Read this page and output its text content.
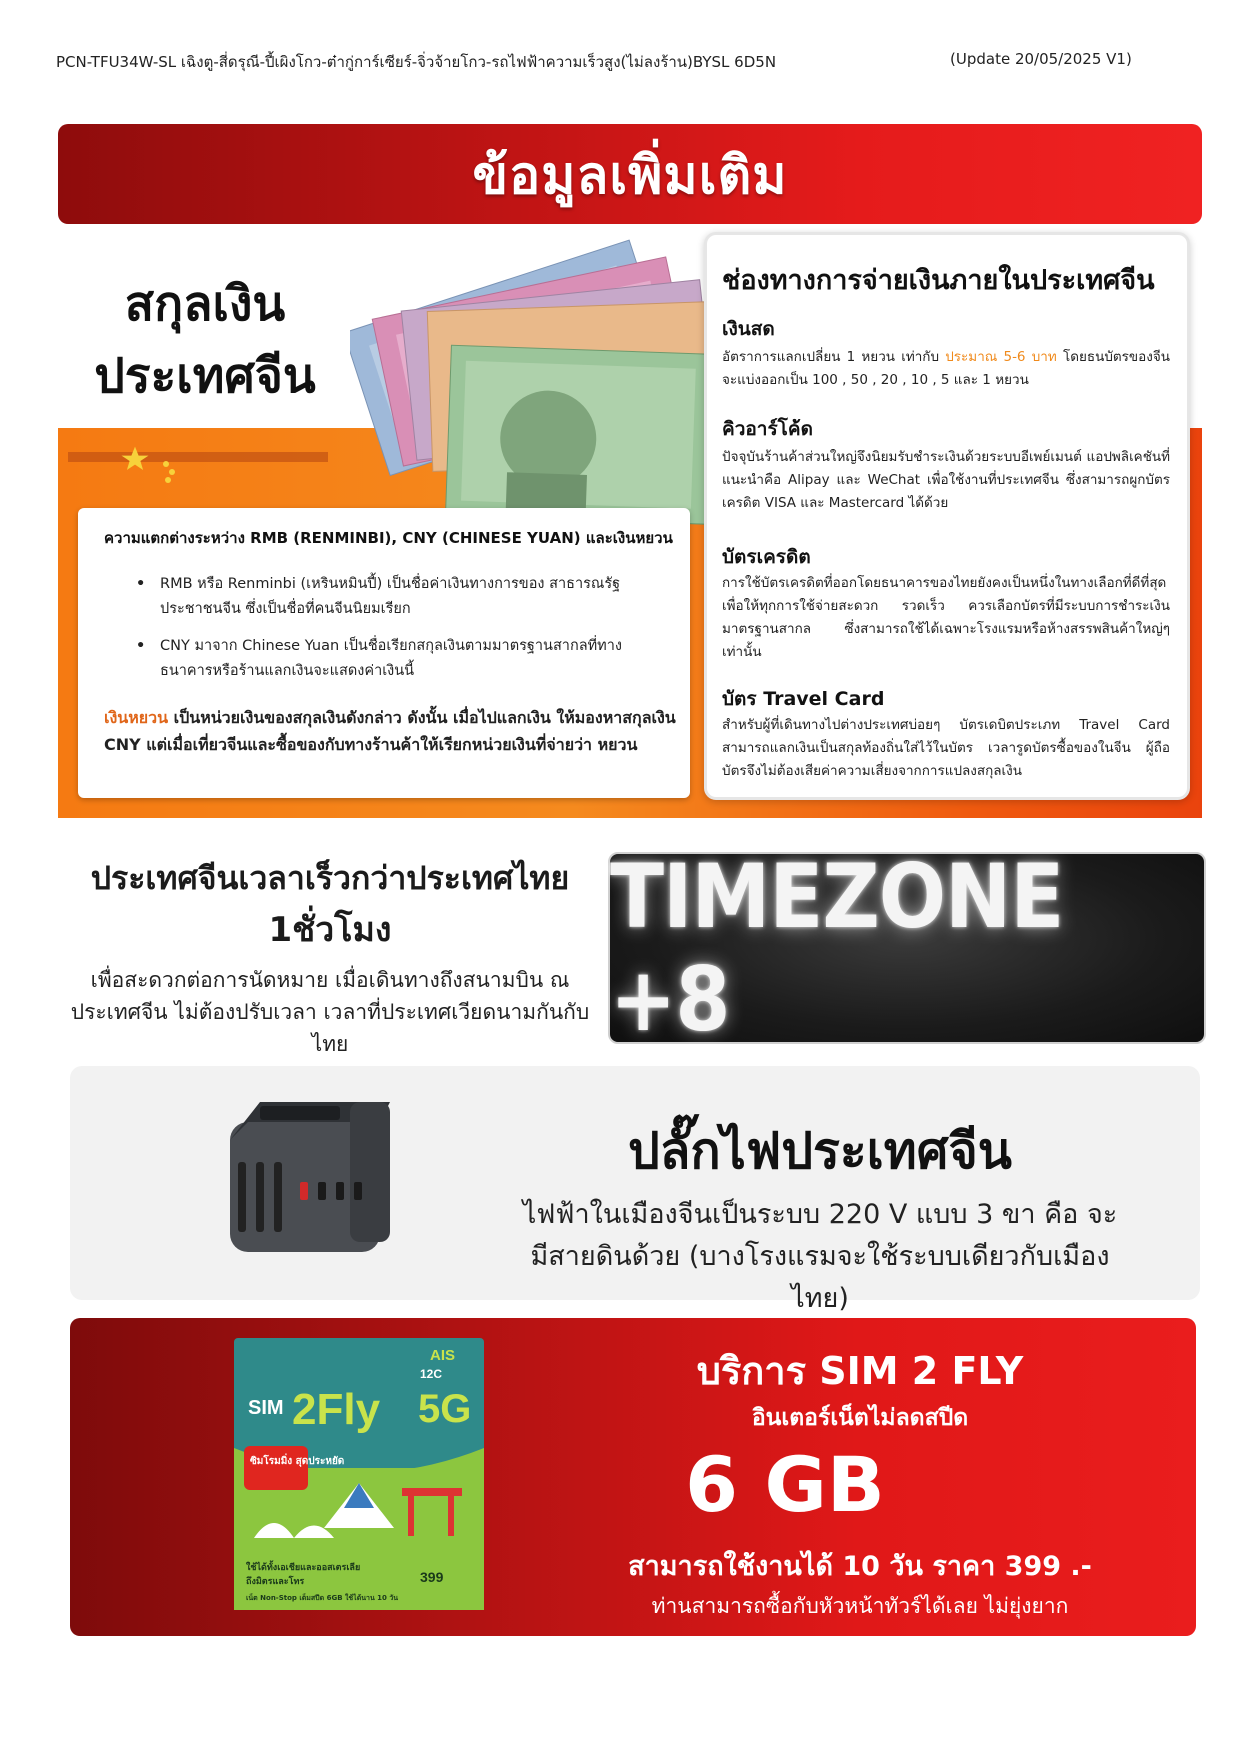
PCN-TFU34W-SL เฉิงตู-สี่ดรุณี-ปี้เผิงโกว-ต๋ากู่การ์เซียร์-จิ่วจ้ายโกว-รถไฟฟ้าความเร็วสูง(ไม่ลงร้าน)BYSL 6D5N	(Update 20/05/2025 V1)
ข้อมูลเพิ่มเติม
สกุลเงิน
ประเทศจีน
ความแตกต่างระหว่าง RMB (RENMINBI), CNY (CHINESE YUAN) และเงินหยวน
• RMB หรือ Renminbi (เหรินหมินปี้) เป็นชื่อค่าเงินทางการของ สาธารณรัฐประชาชนจีน ซึ่งเป็นชื่อที่คนจีนนิยมเรียก
• CNY มาจาก Chinese Yuan เป็นชื่อเรียกสกุลเงินตามมาตรฐานสากลที่ทางธนาคารหรือร้านแลกเงินจะแสดงค่าเงินนี้
เงินหยวน เป็นหน่วยเงินของสกุลเงินดังกล่าว ดังนั้น เมื่อไปแลกเงิน ให้มองหาสกุลเงิน CNY แต่เมื่อเที่ยวจีนและซื้อของกับทางร้านค้าให้เรียกหน่วยเงินที่จ่ายว่า หยวน
ช่องทางการจ่ายเงินภายในประเทศจีน
เงินสด
อัตราการแลกเปลี่ยน 1 หยวน เท่ากับ ประมาณ 5-6 บาท โดยธนบัตรของจีนจะแบ่งออกเป็น 100 , 50 , 20 , 10 , 5 และ 1 หยวน
คิวอาร์โค้ด
ปัจจุบันร้านค้าส่วนใหญ่จึงนิยมรับชำระเงินด้วยระบบอีเพย์เมนต์ แอปพลิเคชันที่แนะนำคือ Alipay และ WeChat เพื่อใช้งานที่ประเทศจีน ซึ่งสามารถผูกบัตรเครดิต VISA และ Mastercard ได้ด้วย
บัตรเครดิต
การใช้บัตรเครดิตที่ออกโดยธนาคารของไทยยังคงเป็นหนึ่งในทางเลือกที่ดีที่สุด เพื่อให้ทุกการใช้จ่ายสะดวก รวดเร็ว ควรเลือกบัตรที่มีระบบการชำระเงินมาตรฐานสากล ซึ่งสามารถใช้ได้เฉพาะโรงแรมหรือห้างสรรพสินค้าใหญ่ๆเท่านั้น
บัตร Travel Card
สำหรับผู้ที่เดินทางไปต่างประเทศบ่อยๆ บัตรเดบิตประเภท Travel Card สามารถแลกเงินเป็นสกุลท้องถิ่นใส่ไว้ในบัตร เวลารูดบัตรซื้อของในจีน ผู้ถือบัตรจึงไม่ต้องเสียค่าความเสี่ยงจากการแปลงสกุลเงิน
ประเทศจีนเวลาเร็วกว่าประเทศไทย
1ชั่วโมง
เพื่อสะดวกต่อการนัดหมาย เมื่อเดินทางถึงสนามบิน ณ ประเทศจีน ไม่ต้องปรับเวลา เวลาที่ประเทศเวียดนามกันกับไทย
TIMEZONE +8
ปลั๊กไฟประเทศจีน
ไฟฟ้าในเมืองจีนเป็นระบบ 220 V แบบ 3 ขา คือ จะมีสายดินด้วย (บางโรงแรมจะใช้ระบบเดียวกับเมืองไทย)
AIS
12C
SIM 2Fly 5G
ซิมโรมมิ่ง สุดประหยัด
ใช้ได้ทั้งเอเชียและออสเตรเลีย
ถึงมิตรและโทร
เน็ต Non-Stop เต็มสปีด 6GB ใช้ได้นาน 10 วัน
399
บริการ SIM 2 FLY
อินเตอร์เน็ตไม่ลดสปีด
6 GB
สามารถใช้งานได้ 10 วัน ราคา 399 .-
ท่านสามารถซื้อกับหัวหน้าทัวร์ได้เลย ไม่ยุ่งยาก
